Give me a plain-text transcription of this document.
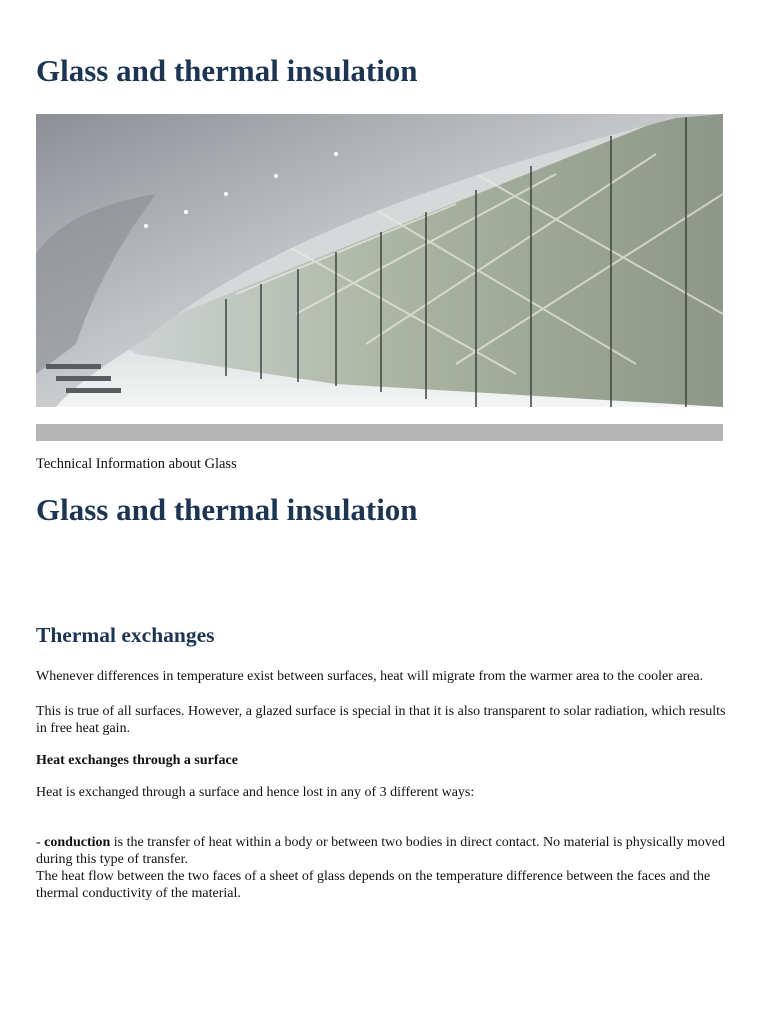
Glass and thermal insulation

Technical Information about Glass

Glass and thermal insulation
Thermal exchanges

Whenever differences in temperature exist between surfaces, heat will migrate from the warmer area to the cooler area.

This is true of all surfaces. However, a glazed surface is special in that it is also transparent to solar radiation, which results in free heat gain.

Heat exchanges through a surface

Heat is exchanged through a surface and hence lost in any of 3 different ways:

- conduction is the transfer of heat within a body or between two bodies in direct contact. No material is physically moved during this type of transfer.

The heat flow between the two faces of a sheet of glass depends on the temperature difference between the faces and the thermal conductivity of the material.
